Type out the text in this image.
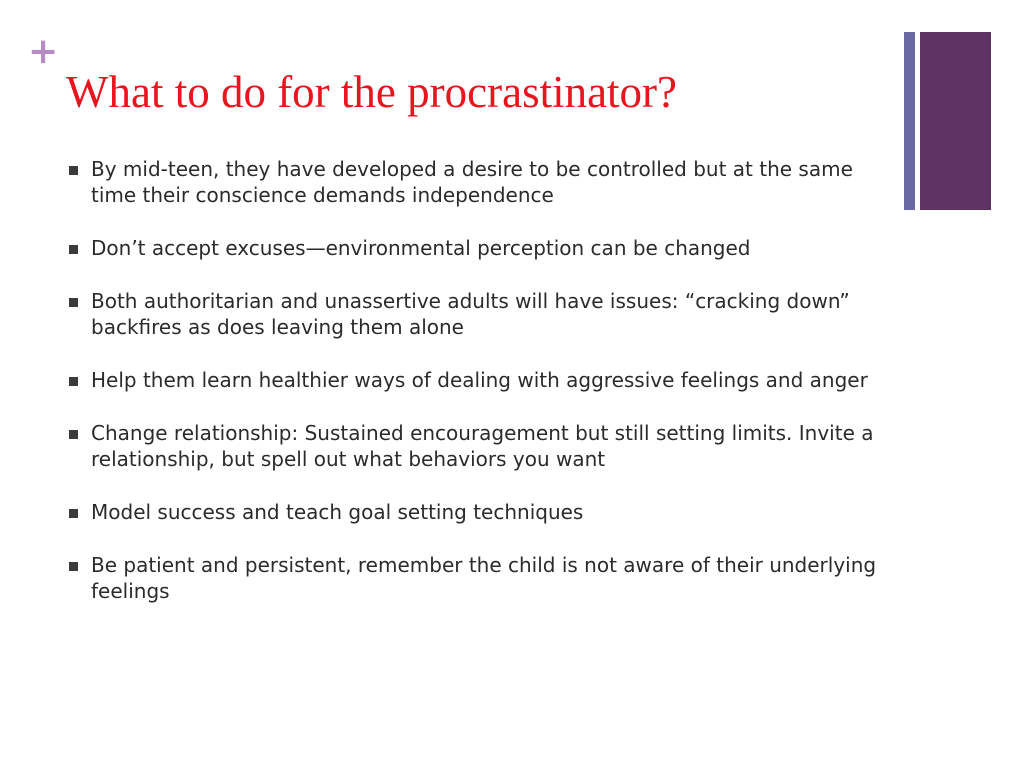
+
What to do for the procrastinator?
By mid-teen, they have developed a desire to be controlled but at the same time their conscience demands independence
Don’t accept excuses—environmental perception can be changed
Both authoritarian and unassertive adults will have issues: “cracking down” backfires as does leaving them alone
Help them learn healthier ways of dealing with aggressive feelings and anger
Change relationship: Sustained encouragement but still setting limits. Invite a relationship, but spell out what behaviors you want
Model success and teach goal setting techniques
Be patient and persistent, remember the child is not aware of their underlying feelings
